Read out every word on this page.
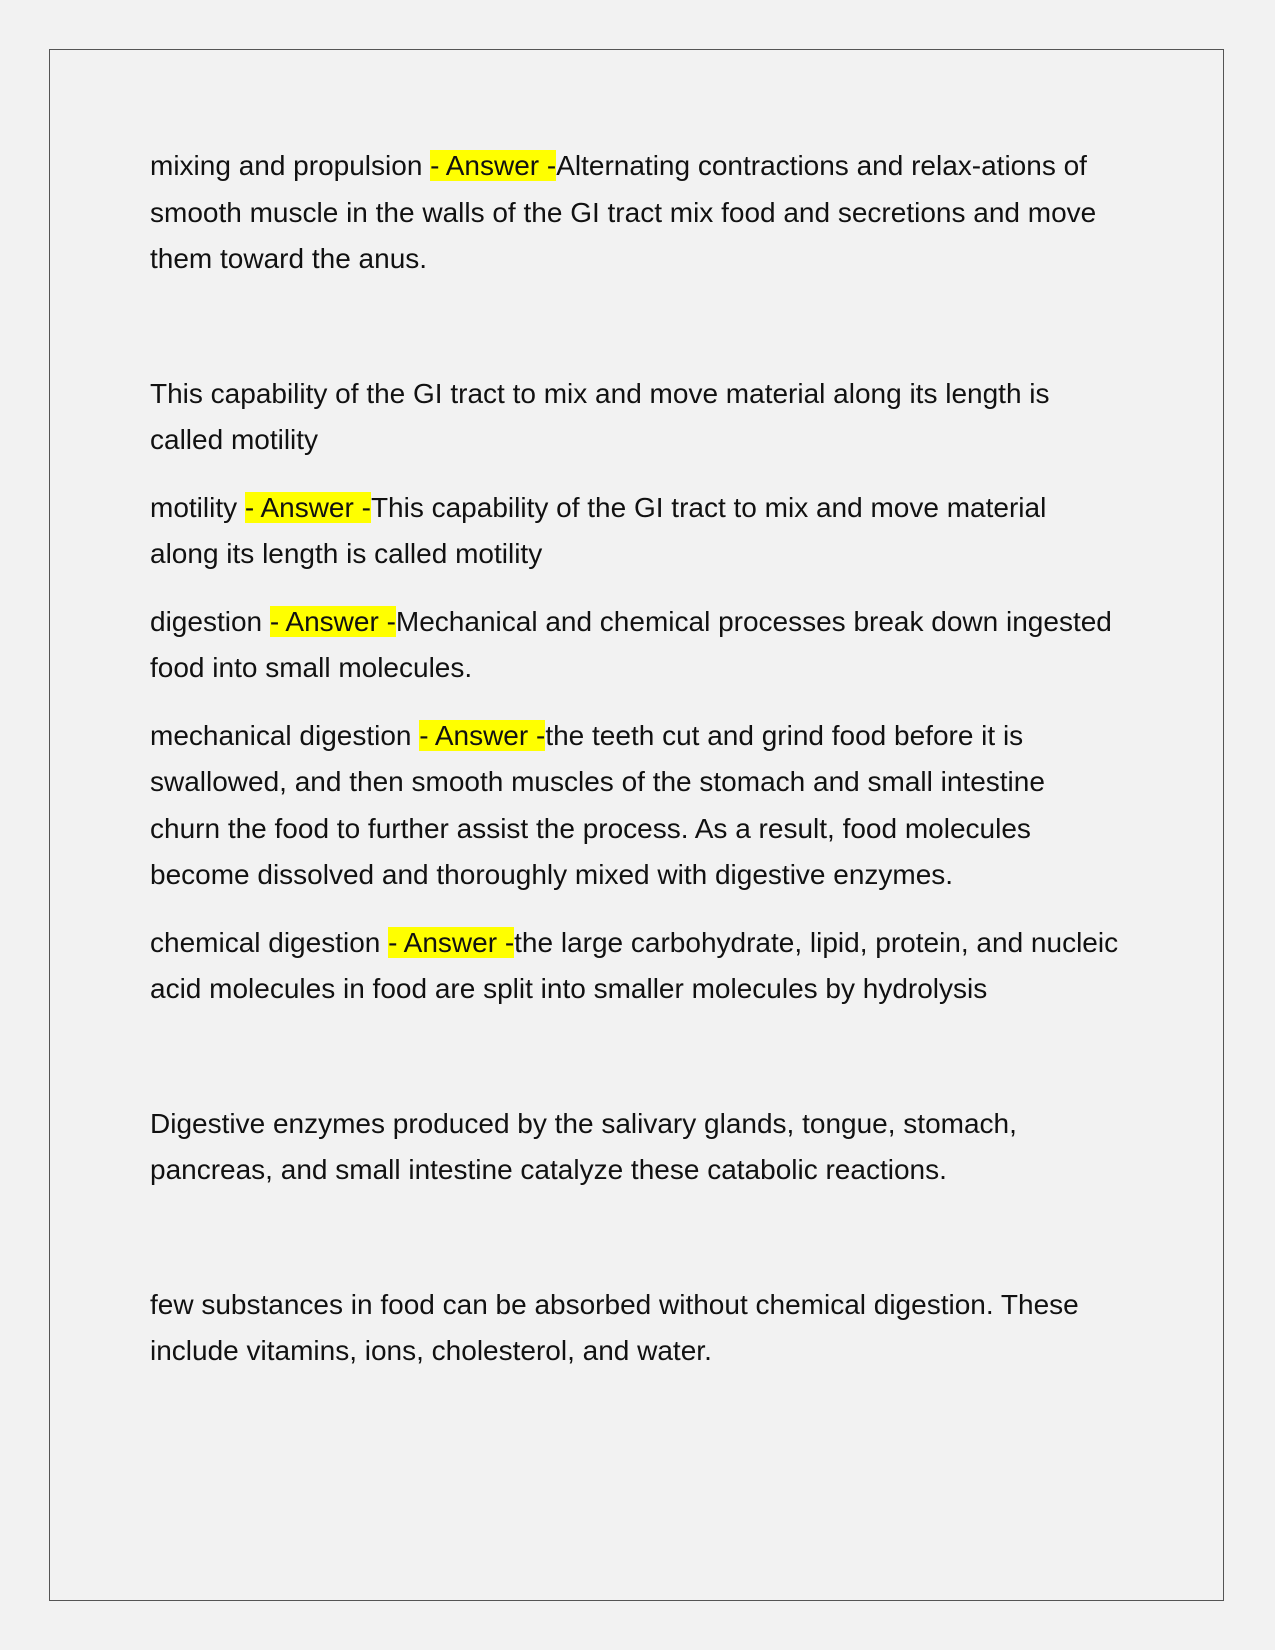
mixing and propulsion - Answer -Alternating contractions and relax-ations of smooth muscle in the walls of the GI tract mix food and secretions and move them toward the anus.

This capability of the GI tract to mix and move material along its length is called motility

motility - Answer -This capability of the GI tract to mix and move material along its length is called motility

digestion - Answer -Mechanical and chemical processes break down ingested food into small molecules.

mechanical digestion - Answer -the teeth cut and grind food before it is swallowed, and then smooth muscles of the stomach and small intestine churn the food to further assist the process. As a result, food molecules become dissolved and thoroughly mixed with digestive enzymes.

chemical digestion - Answer -the large carbohydrate, lipid, protein, and nucleic acid molecules in food are split into smaller molecules by hydrolysis

Digestive enzymes produced by the salivary glands, tongue, stomach, pancreas, and small intestine catalyze these catabolic reactions.

few substances in food can be absorbed without chemical digestion. These include vitamins, ions, cholesterol, and water.
